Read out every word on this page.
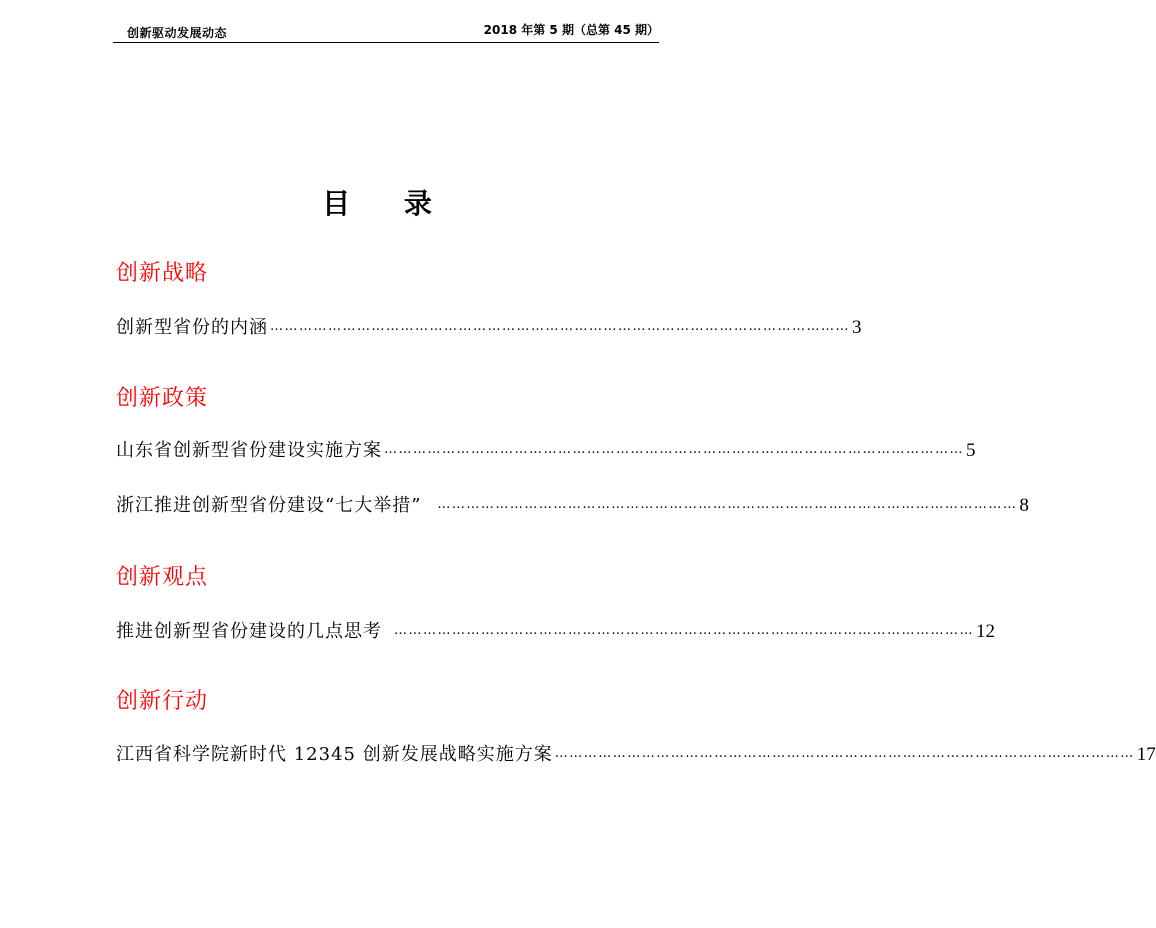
创新驱动发展动态	2018 年第 5 期（总第 45 期）
目 录
创新战略
创新型省份的内涵 ………………………………………………………………………………………………………… 3
创新政策
山东省创新型省份建设实施方案 ………………………………………………………………………………………………………… 5
浙江推进创新型省份建设“七大举措” ………………………………………………………………………………………………………… 8
创新观点
推进创新型省份建设的几点思考 ………………………………………………………………………………………………………… 12
创新行动
江西省科学院新时代 12345 创新发展战略实施方案 ………………………………………………………………………………………………………… 17
